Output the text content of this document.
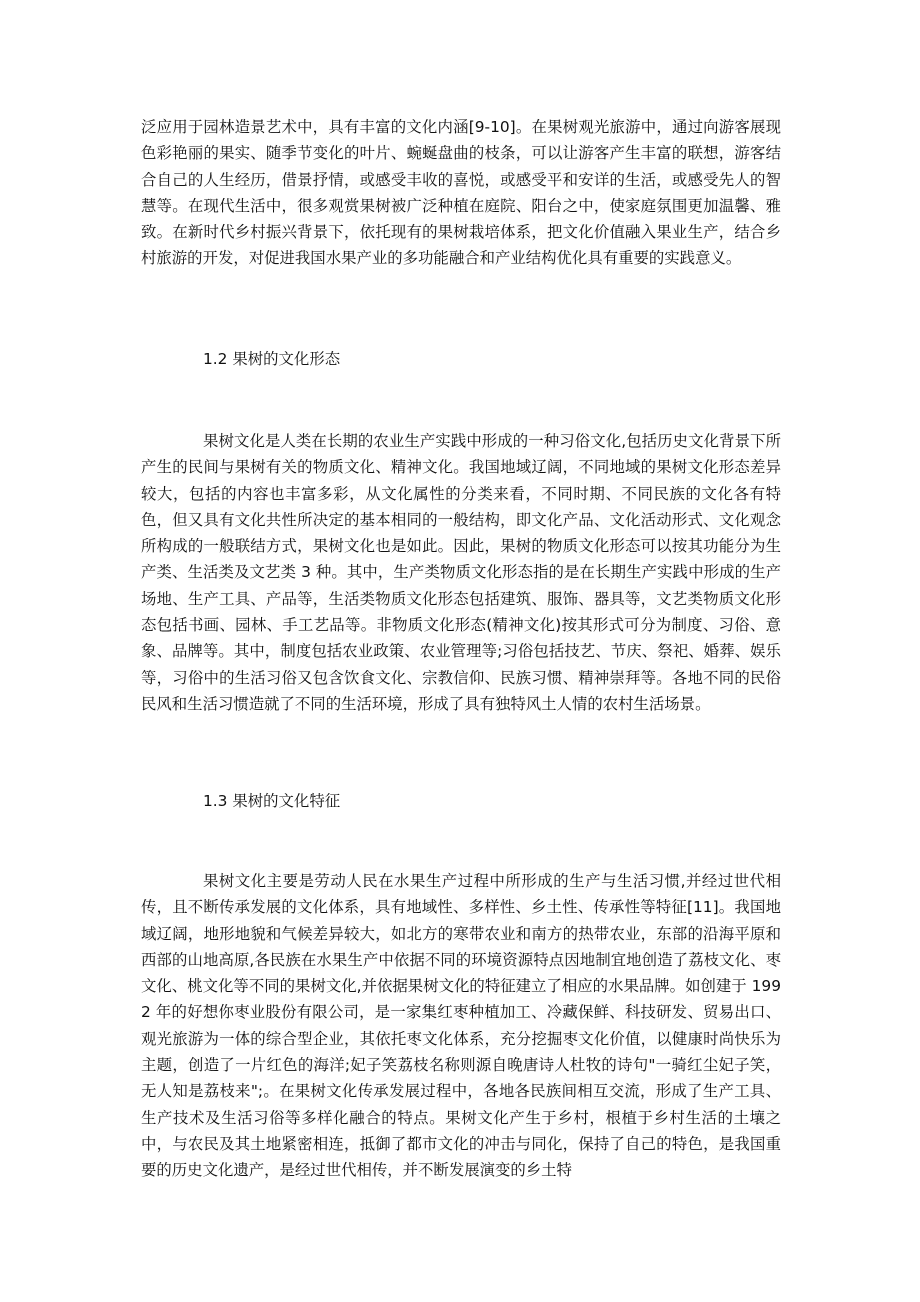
泛应用于园林造景艺术中，具有丰富的文化内涵[9-10]。在果树观光旅游中，通过向游客展现色彩艳丽的果实、随季节变化的叶片、蜿蜒盘曲的枝条，可以让游客产生丰富的联想，游客结合自己的人生经历，借景抒情，或感受丰收的喜悦，或感受平和安详的生活，或感受先人的智慧等。在现代生活中，很多观赏果树被广泛种植在庭院、阳台之中，使家庭氛围更加温馨、雅致。在新时代乡村振兴背景下，依托现有的果树栽培体系，把文化价值融入果业生产，结合乡村旅游的开发，对促进我国水果产业的多功能融合和产业结构优化具有重要的实践意义。

1.2 果树的文化形态

果树文化是人类在长期的农业生产实践中形成的一种习俗文化,包括历史文化背景下所产生的民间与果树有关的物质文化、精神文化。我国地域辽阔，不同地域的果树文化形态差异较大，包括的内容也丰富多彩，从文化属性的分类来看，不同时期、不同民族的文化各有特色，但又具有文化共性所决定的基本相同的一般结构，即文化产品、文化活动形式、文化观念所构成的一般联结方式，果树文化也是如此。因此，果树的物质文化形态可以按其功能分为生产类、生活类及文艺类 3 种。其中，生产类物质文化形态指的是在长期生产实践中形成的生产场地、生产工具、产品等，生活类物质文化形态包括建筑、服饰、器具等，文艺类物质文化形态包括书画、园林、手工艺品等。非物质文化形态(精神文化)按其形式可分为制度、习俗、意象、品牌等。其中，制度包括农业政策、农业管理等;习俗包括技艺、节庆、祭祀、婚葬、娱乐等，习俗中的生活习俗又包含饮食文化、宗教信仰、民族习惯、精神崇拜等。各地不同的民俗民风和生活习惯造就了不同的生活环境，形成了具有独特风土人情的农村生活场景。

1.3 果树的文化特征

果树文化主要是劳动人民在水果生产过程中所形成的生产与生活习惯,并经过世代相传，且不断传承发展的文化体系，具有地域性、多样性、乡土性、传承性等特征[11]。我国地域辽阔，地形地貌和气候差异较大，如北方的寒带农业和南方的热带农业，东部的沿海平原和西部的山地高原,各民族在水果生产中依据不同的环境资源特点因地制宜地创造了荔枝文化、枣文化、桃文化等不同的果树文化,并依据果树文化的特征建立了相应的水果品牌。如创建于 1992 年的好想你枣业股份有限公司，是一家集红枣种植加工、冷藏保鲜、科技研发、贸易出口、观光旅游为一体的综合型企业，其依托枣文化体系，充分挖掘枣文化价值，以健康时尚快乐为主题，创造了一片红色的海洋;妃子笑荔枝名称则源自晚唐诗人杜牧的诗句"一骑红尘妃子笑，无人知是荔枝来";。在果树文化传承发展过程中，各地各民族间相互交流，形成了生产工具、生产技术及生活习俗等多样化融合的特点。果树文化产生于乡村，根植于乡村生活的土壤之中，与农民及其土地紧密相连，抵御了都市文化的冲击与同化，保持了自己的特色，是我国重要的历史文化遗产，是经过世代相传，并不断发展演变的乡土特
